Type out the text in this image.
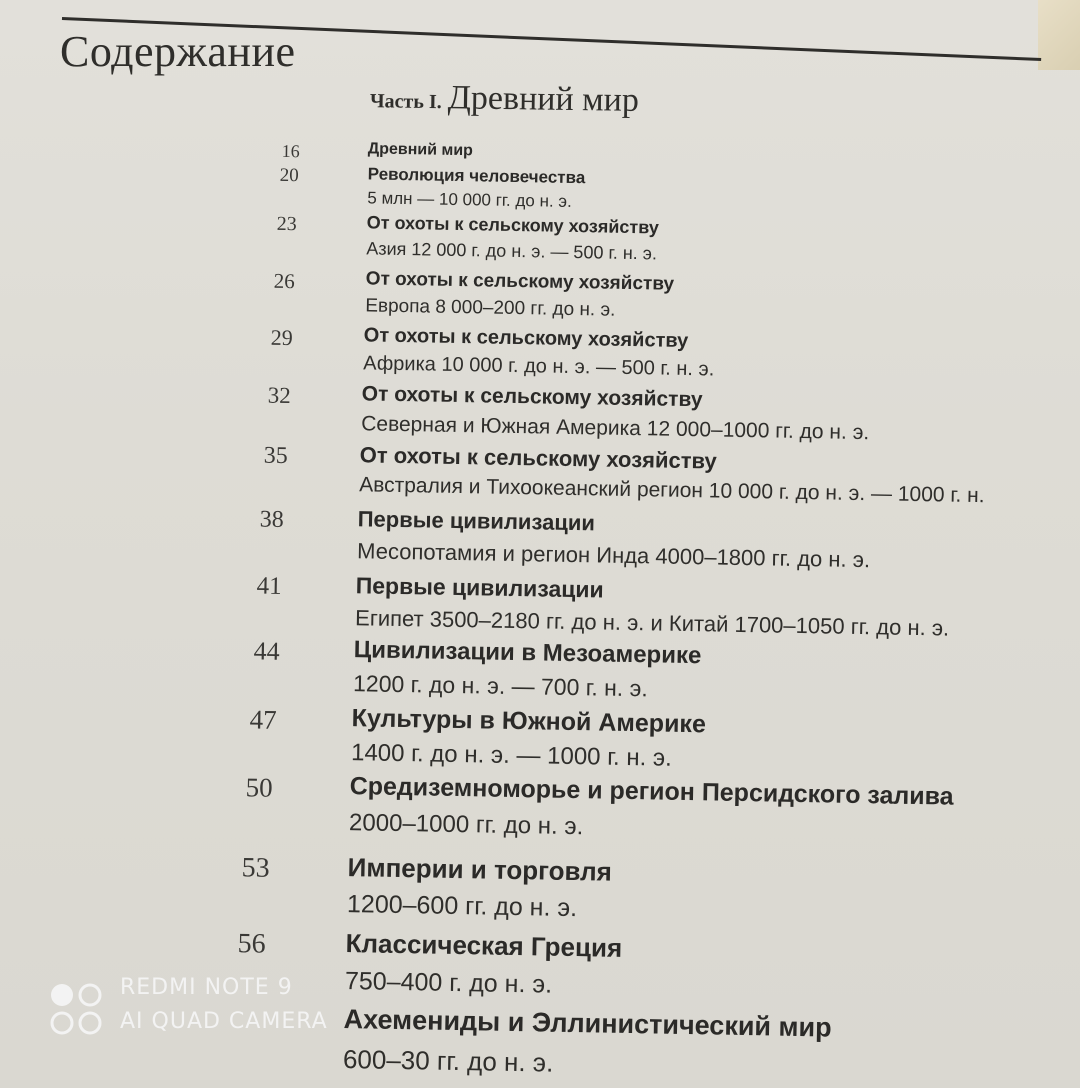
Содержание
Часть I. Древний мир
16	Древний мир
20	Революция человечества
5 млн — 10 000 гг. до н. э.
23	От охоты к сельскому хозяйству
Азия 12 000 г. до н. э. — 500 г. н. э.
26	От охоты к сельскому хозяйству
Европа 8 000–200 гг. до н. э.
29	От охоты к сельскому хозяйству
Африка 10 000 г. до н. э. — 500 г. н. э.
32	От охоты к сельскому хозяйству
Северная и Южная Америка 12 000–1000 гг. до н. э.
35	От охоты к сельскому хозяйству
Австралия и Тихоокеанский регион 10 000 г. до н. э. — 1000 г. н.
38	Первые цивилизации
Месопотамия и регион Инда 4000–1800 гг. до н. э.
41	Первые цивилизации
Египет 3500–2180 гг. до н. э. и Китай 1700–1050 гг. до н. э.
44	Цивилизации в Мезоамерике
1200 г. до н. э. — 700 г. н. э.
47	Культуры в Южной Америке
1400 г. до н. э. — 1000 г. н. э.
50	Средиземноморье и регион Персидского залива
2000–1000 гг. до н. э.
53	Империи и торговля
1200–600 гг. до н. э.
56	Классическая Греция
750–400 г. до н. э.
Ахемениды и Эллинистический мир
600–30 гг. до н. э.
REDMI NOTE 9
AI QUAD CAMERA
